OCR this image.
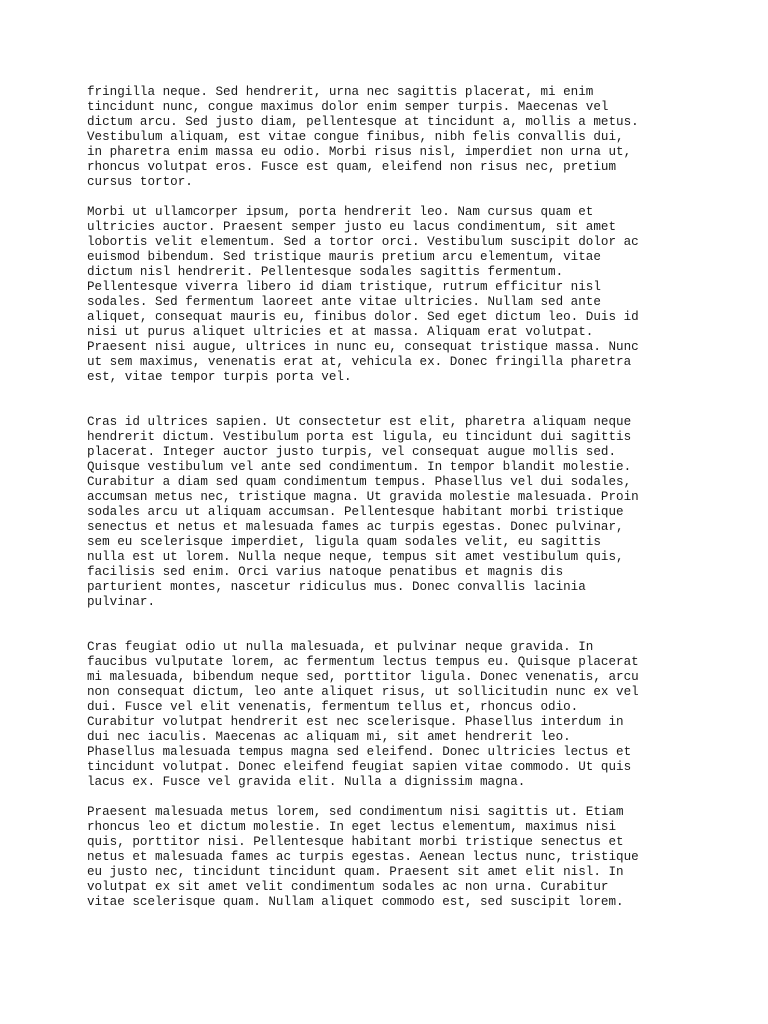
fringilla neque. Sed hendrerit, urna nec sagittis placerat, mi enim
tincidunt nunc, congue maximus dolor enim semper turpis. Maecenas vel
dictum arcu. Sed justo diam, pellentesque at tincidunt a, mollis a metus.
Vestibulum aliquam, est vitae congue finibus, nibh felis convallis dui,
in pharetra enim massa eu odio. Morbi risus nisl, imperdiet non urna ut,
rhoncus volutpat eros. Fusce est quam, eleifend non risus nec, pretium
cursus tortor.

Morbi ut ullamcorper ipsum, porta hendrerit leo. Nam cursus quam et
ultricies auctor. Praesent semper justo eu lacus condimentum, sit amet
lobortis velit elementum. Sed a tortor orci. Vestibulum suscipit dolor ac
euismod bibendum. Sed tristique mauris pretium arcu elementum, vitae
dictum nisl hendrerit. Pellentesque sodales sagittis fermentum.
Pellentesque viverra libero id diam tristique, rutrum efficitur nisl
sodales. Sed fermentum laoreet ante vitae ultricies. Nullam sed ante
aliquet, consequat mauris eu, finibus dolor. Sed eget dictum leo. Duis id
nisi ut purus aliquet ultricies et at massa. Aliquam erat volutpat.
Praesent nisi augue, ultrices in nunc eu, consequat tristique massa. Nunc
ut sem maximus, venenatis erat at, vehicula ex. Donec fringilla pharetra
est, vitae tempor turpis porta vel.

Cras id ultrices sapien. Ut consectetur est elit, pharetra aliquam neque
hendrerit dictum. Vestibulum porta est ligula, eu tincidunt dui sagittis
placerat. Integer auctor justo turpis, vel consequat augue mollis sed.
Quisque vestibulum vel ante sed condimentum. In tempor blandit molestie.
Curabitur a diam sed quam condimentum tempus. Phasellus vel dui sodales,
accumsan metus nec, tristique magna. Ut gravida molestie malesuada. Proin
sodales arcu ut aliquam accumsan. Pellentesque habitant morbi tristique
senectus et netus et malesuada fames ac turpis egestas. Donec pulvinar,
sem eu scelerisque imperdiet, ligula quam sodales velit, eu sagittis
nulla est ut lorem. Nulla neque neque, tempus sit amet vestibulum quis,
facilisis sed enim. Orci varius natoque penatibus et magnis dis
parturient montes, nascetur ridiculus mus. Donec convallis lacinia
pulvinar.

Cras feugiat odio ut nulla malesuada, et pulvinar neque gravida. In
faucibus vulputate lorem, ac fermentum lectus tempus eu. Quisque placerat
mi malesuada, bibendum neque sed, porttitor ligula. Donec venenatis, arcu
non consequat dictum, leo ante aliquet risus, ut sollicitudin nunc ex vel
dui. Fusce vel elit venenatis, fermentum tellus et, rhoncus odio.
Curabitur volutpat hendrerit est nec scelerisque. Phasellus interdum in
dui nec iaculis. Maecenas ac aliquam mi, sit amet hendrerit leo.
Phasellus malesuada tempus magna sed eleifend. Donec ultricies lectus et
tincidunt volutpat. Donec eleifend feugiat sapien vitae commodo. Ut quis
lacus ex. Fusce vel gravida elit. Nulla a dignissim magna.

Praesent malesuada metus lorem, sed condimentum nisi sagittis ut. Etiam
rhoncus leo et dictum molestie. In eget lectus elementum, maximus nisi
quis, porttitor nisi. Pellentesque habitant morbi tristique senectus et
netus et malesuada fames ac turpis egestas. Aenean lectus nunc, tristique
eu justo nec, tincidunt tincidunt quam. Praesent sit amet elit nisl. In
volutpat ex sit amet velit condimentum sodales ac non urna. Curabitur
vitae scelerisque quam. Nullam aliquet commodo est, sed suscipit lorem.
